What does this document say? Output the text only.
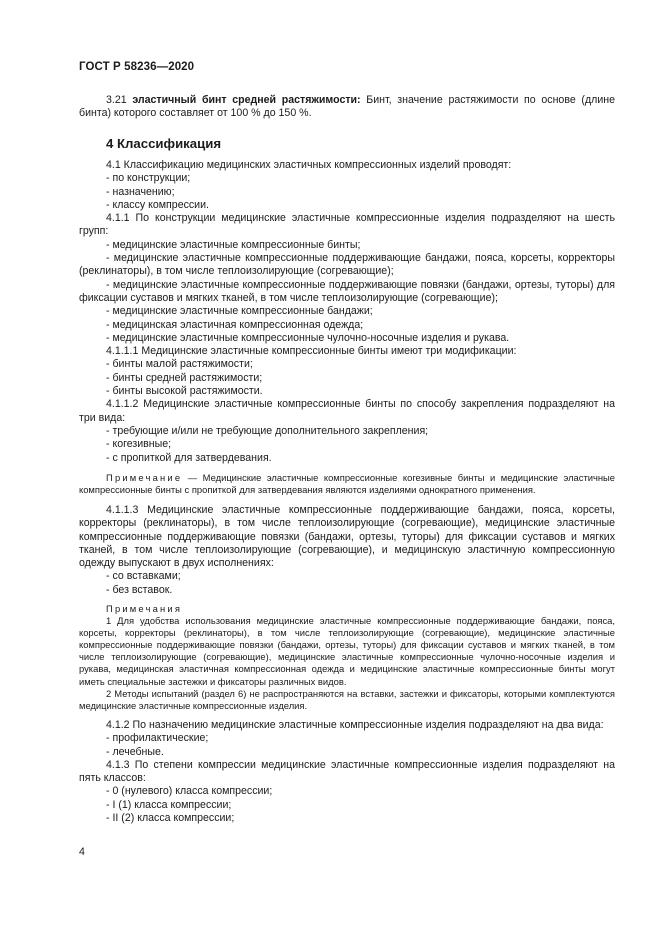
ГОСТ Р 58236—2020

3.21 эластичный бинт средней растяжимости: Бинт, значение растяжимости по основе (длине бинта) которого составляет от 100 % до 150 %.

4 Классификация

4.1 Классификацию медицинских эластичных компрессионных изделий проводят:

- по конструкции;

- назначению;

- классу компрессии.

4.1.1 По конструкции медицинские эластичные компрессионные изделия подразделяют на шесть групп:

- медицинские эластичные компрессионные бинты;

- медицинские эластичные компрессионные поддерживающие бандажи, пояса, корсеты, корректоры (реклинаторы), в том числе теплоизолирующие (согревающие);

- медицинские эластичные компрессионные поддерживающие повязки (бандажи, ортезы, туторы) для фиксации суставов и мягких тканей, в том числе теплоизолирующие (согревающие);

- медицинские эластичные компрессионные бандажи;

- медицинская эластичная компрессионная одежда;

- медицинские эластичные компрессионные чулочно-носочные изделия и рукава.

4.1.1.1 Медицинские эластичные компрессионные бинты имеют три модификации:

- бинты малой растяжимости;

- бинты средней растяжимости;

- бинты высокой растяжимости.

4.1.1.2 Медицинские эластичные компрессионные бинты по способу закрепления подразделяют на три вида:

- требующие и/или не требующие дополнительного закрепления;

- когезивные;

- с пропиткой для затвердевания.

Примечание — Медицинские эластичные компрессионные когезивные бинты и медицинские эластичные компрессионные бинты с пропиткой для затвердевания являются изделиями однократного применения.

4.1.1.3 Медицинские эластичные компрессионные поддерживающие бандажи, пояса, корсеты, корректоры (реклинаторы), в том числе теплоизолирующие (согревающие), медицинские эластичные компрессионные поддерживающие повязки (бандажи, ортезы, туторы) для фиксации суставов и мягких тканей, в том числе теплоизолирующие (согревающие), и медицинскую эластичную компрессионную одежду выпускают в двух исполнениях:

- со вставками;

- без вставок.

Примечания

1 Для удобства использования медицинские эластичные компрессионные поддерживающие бандажи, пояса, корсеты, корректоры (реклинаторы), в том числе теплоизолирующие (согревающие), медицинские эластичные компрессионные поддерживающие повязки (бандажи, ортезы, туторы) для фиксации суставов и мягких тканей, в том числе теплоизолирующие (согревающие), медицинские эластичные компрессионные чулочно-носочные изделия и рукава, медицинская эластичная компрессионная одежда и медицинские эластичные компрессионные бинты могут иметь специальные застежки и фиксаторы различных видов.

2 Методы испытаний (раздел 6) не распространяются на вставки, застежки и фиксаторы, которыми комплектуются медицинские эластичные компрессионные изделия.

4.1.2 По назначению медицинские эластичные компрессионные изделия подразделяют на два вида:

- профилактические;

- лечебные.

4.1.3 По степени компрессии медицинские эластичные компрессионные изделия подразделяют на пять классов:

- 0 (нулевого) класса компрессии;

- I (1) класса компрессии;

- II (2) класса компрессии;

4
